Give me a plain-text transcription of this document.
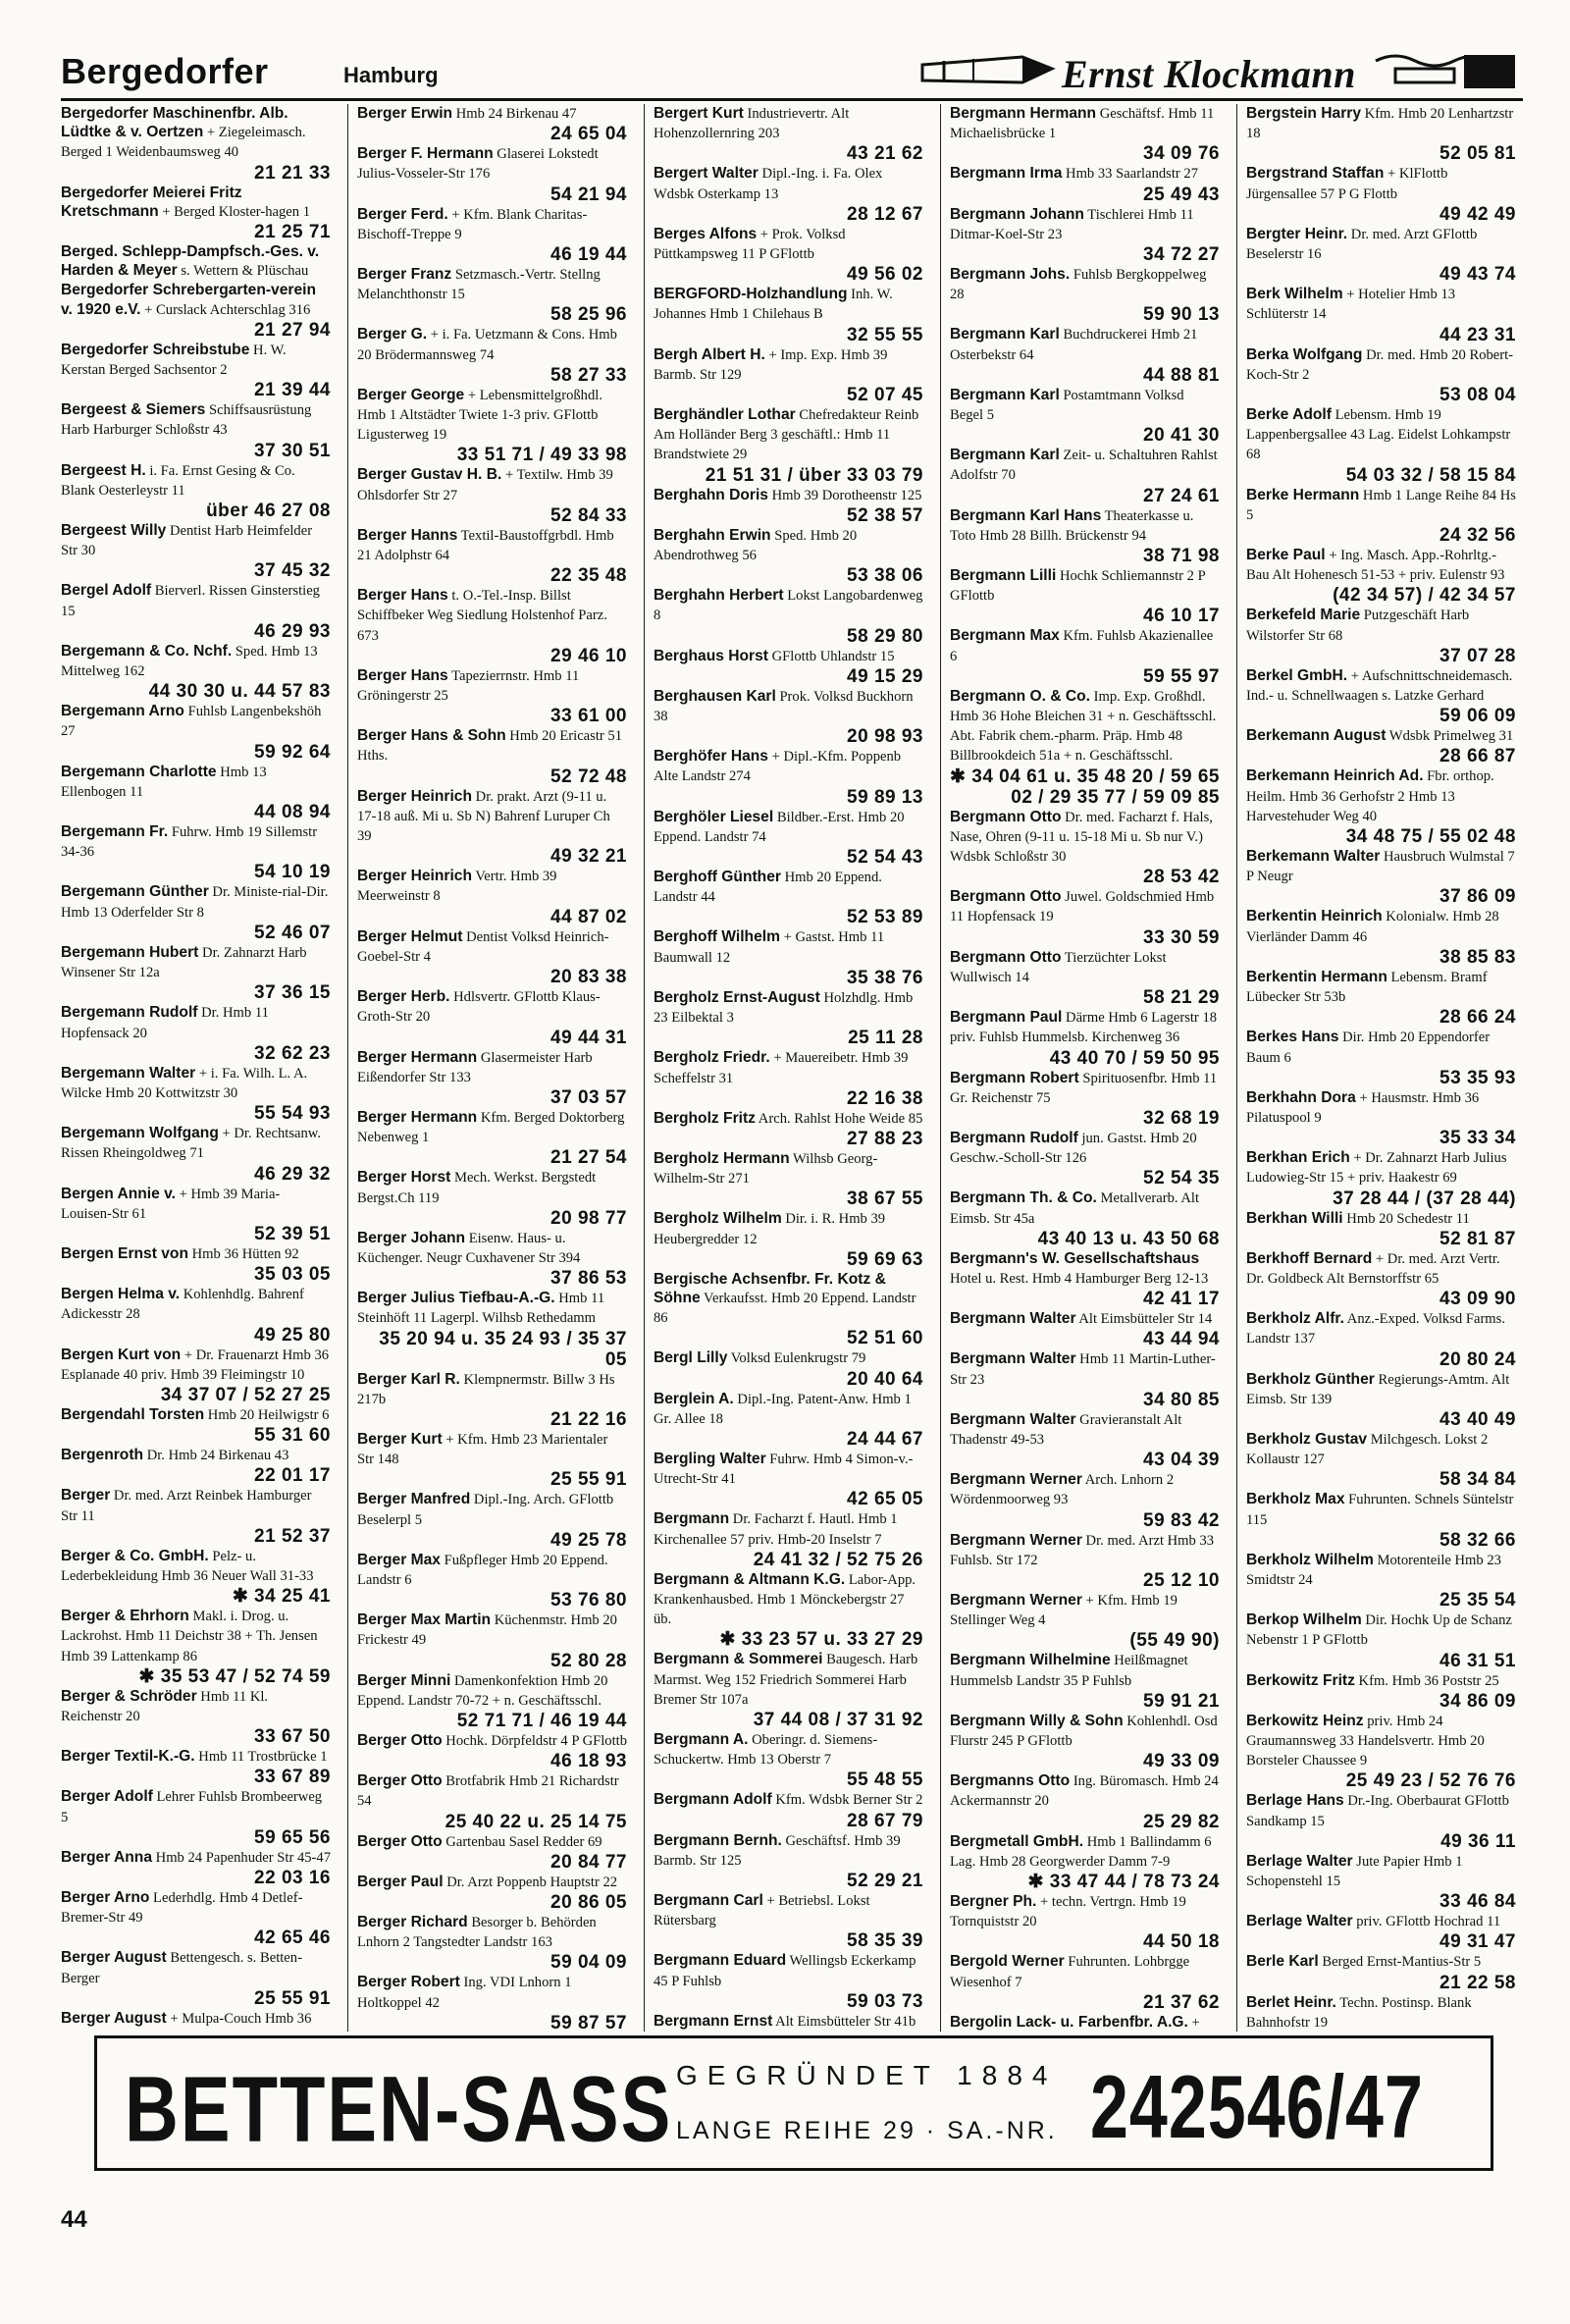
Bergedorfer	Hamburg	Ernst Klockmann

Bergedorfer Maschinenfbr. Alb. Lüdtke & v. Oertzen + Ziegeleimasch. Berged 1 Weidenbaumsweg 40
21 21 33

Bergedorfer Meierei Fritz Kretschmann + Berged Kloster-hagen 1
21 25 71

Berged. Schlepp-Dampfsch.-Ges. v. Harden & Meyer s. Wettern & Plüschau

Bergedorfer Schrebergarten-verein v. 1920 e.V. + Curslack Achterschlag 316
21 27 94

Bergedorfer Schreibstube H. W. Kerstan Berged Sachsentor 2
21 39 44

Bergeest & Siemers Schiffsausrüstung Harb Harburger Schloßstr 43
37 30 51

Bergeest H. i. Fa. Ernst Gesing & Co. Blank Oesterleystr 11
über 46 27 08

Bergeest Willy Dentist Harb Heimfelder Str 30
37 45 32

Bergel Adolf Bierverl. Rissen Ginsterstieg 15
46 29 93

Bergemann & Co. Nchf. Sped. Hmb 13 Mittelweg 162
44 30 30 u. 44 57 83

Bergemann Arno Fuhlsb Langenbekshöh 27
59 92 64

Bergemann Charlotte Hmb 13 Ellenbogen 11
44 08 94

Bergemann Fr. Fuhrw. Hmb 19 Sillemstr 34-36
54 10 19

Bergemann Günther Dr. Ministe-rial-Dir. Hmb 13 Oderfelder Str 8
52 46 07

Bergemann Hubert Dr. Zahnarzt Harb Winsener Str 12a
37 36 15

Bergemann Rudolf Dr. Hmb 11 Hopfensack 20
32 62 23

Bergemann Walter + i. Fa. Wilh. L. A. Wilcke Hmb 20 Kottwitzstr 30
55 54 93

Bergemann Wolfgang + Dr. Rechtsanw. Rissen Rheingoldweg 71
46 29 32

Bergen Annie v. + Hmb 39 Maria-Louisen-Str 61
52 39 51

Bergen Ernst von Hmb 36 Hütten 92
35 03 05

Bergen Helma v. Kohlenhdlg. Bahrenf Adickesstr 28
49 25 80

Bergen Kurt von + Dr. Frauenarzt Hmb 36 Esplanade 40 priv. Hmb 39 Fleimingstr 10
34 37 07 / 52 27 25

Bergendahl Torsten Hmb 20 Heilwigstr 6
55 31 60

Bergenroth Dr. Hmb 24 Birkenau 43
22 01 17

Berger Dr. med. Arzt Reinbek Hamburger Str 11
21 52 37

Berger & Co. GmbH. Pelz- u. Lederbekleidung Hmb 36 Neuer Wall 31-33
✱ 34 25 41

Berger & Ehrhorn Makl. i. Drog. u. Lackrohst. Hmb 11 Deichstr 38 + Th. Jensen Hmb 39 Lattenkamp 86
✱ 35 53 47 / 52 74 59

Berger & Schröder Hmb 11 Kl. Reichenstr 20
33 67 50

Berger Textil-K.-G. Hmb 11 Trostbrücke 1
33 67 89

Berger Adolf Lehrer Fuhlsb Brombeerweg 5
59 65 56

Berger Anna Hmb 24 Papenhuder Str 45-47
22 03 16

Berger Arno Lederhdlg. Hmb 4 Detlef-Bremer-Str 49
42 65 46

Berger August Bettengesch. s. Betten-Berger
25 55 91

Berger August + Mulpa-Couch Hmb 36

Berger Erwin Hmb 24 Birkenau 47
24 65 04

Berger F. Hermann Glaserei Lokstedt Julius-Vosseler-Str 176
54 21 94

Berger Ferd. + Kfm. Blank Charitas-Bischoff-Treppe 9
46 19 44

Berger Franz Setzmasch.-Vertr. Stellng Melanchthonstr 15
58 25 96

Berger G. + i. Fa. Uetzmann & Cons. Hmb 20 Brödermannsweg 74
58 27 33

Berger George + Lebensmittelgroßhdl. Hmb 1 Altstädter Twiete 1-3 priv. GFlottb Ligusterweg 19
33 51 71 / 49 33 98

Berger Gustav H. B. + Textilw. Hmb 39 Ohlsdorfer Str 27
52 84 33

Berger Hanns Textil-Baustoffgrbdl. Hmb 21 Adolphstr 64
22 35 48

Berger Hans t. O.-Tel.-Insp. Billst Schiffbeker Weg Siedlung Holstenhof Parz. 673
29 46 10

Berger Hans Tapezierrnstr. Hmb 11 Gröningerstr 25
33 61 00

Berger Hans & Sohn Hmb 20 Ericastr 51 Hths.
52 72 48

Berger Heinrich Dr. prakt. Arzt (9-11 u. 17-18 auß. Mi u. Sb N) Bahrenf Luruper Ch 39
49 32 21

Berger Heinrich Vertr. Hmb 39 Meerweinstr 8
44 87 02

Berger Helmut Dentist Volksd Heinrich-Goebel-Str 4
20 83 38

Berger Herb. Hdlsvertr. GFlottb Klaus-Groth-Str 20
49 44 31

Berger Hermann Glasermeister Harb Eißendorfer Str 133
37 03 57

Berger Hermann Kfm. Berged Doktorberg Nebenweg 1
21 27 54

Berger Horst Mech. Werkst. Bergstedt Bergst.Ch 119
20 98 77

Berger Johann Eisenw. Haus- u. Küchenger. Neugr Cuxhavener Str 394
37 86 53

Berger Julius Tiefbau-A.-G. Hmb 11 Steinhöft 11 Lagerpl. Wilhsb Rethedamm
35 20 94 u. 35 24 93 / 35 37 05

Berger Karl R. Klempnermstr. Billw 3 Hs 217b
21 22 16

Berger Kurt + Kfm. Hmb 23 Marientaler Str 148
25 55 91

Berger Manfred Dipl.-Ing. Arch. GFlottb Beselerpl 5
49 25 78

Berger Max Fußpfleger Hmb 20 Eppend. Landstr 6
53 76 80

Berger Max Martin Küchenmstr. Hmb 20 Frickestr 49
52 80 28

Berger Minni Damenkonfektion Hmb 20 Eppend. Landstr 70-72 + n. Geschäftsschl.
52 71 71 / 46 19 44

Berger Otto Hochk. Dörpfeldstr 4 P GFlottb
46 18 93

Berger Otto Brotfabrik Hmb 21 Richardstr 54
25 40 22 u. 25 14 75

Berger Otto Gartenbau Sasel Redder 69
20 84 77

Berger Paul Dr. Arzt Poppenb Hauptstr 22
20 86 05

Berger Richard Besorger b. Behörden Lnhorn 2 Tangstedter Landstr 163
59 04 09

Berger Robert Ing. VDI Lnhorn 1 Holtkoppel 42
59 87 57

Bergert Kurt Industrievertr. Alt Hohenzollernring 203
43 21 62

Bergert Walter Dipl.-Ing. i. Fa. Olex Wdsbk Osterkamp 13
28 12 67

Berges Alfons + Prok. Volksd Püttkampsweg 11 P GFlottb
49 56 02

BERGFORD-Holzhandlung Inh. W. Johannes Hmb 1 Chilehaus B
32 55 55

Bergh Albert H. + Imp. Exp. Hmb 39 Barmb. Str 129
52 07 45

Berghändler Lothar Chefredakteur Reinb Am Holländer Berg 3 geschäftl.: Hmb 11 Brandstwiete 29
21 51 31 / über 33 03 79

Berghahn Doris Hmb 39 Dorotheenstr 125
52 38 57

Berghahn Erwin Sped. Hmb 20 Abendrothweg 56
53 38 06

Berghahn Herbert Lokst Langobardenweg 8
58 29 80

Berghaus Horst GFlottb Uhlandstr 15
49 15 29

Berghausen Karl Prok. Volksd Buckhorn 38
20 98 93

Berghöfer Hans + Dipl.-Kfm. Poppenb Alte Landstr 274
59 89 13

Berghöler Liesel Bildber.-Erst. Hmb 20 Eppend. Landstr 74
52 54 43

Berghoff Günther Hmb 20 Eppend. Landstr 44
52 53 89

Berghoff Wilhelm + Gastst. Hmb 11 Baumwall 12
35 38 76

Bergholz Ernst-August Holzhdlg. Hmb 23 Eilbektal 3
25 11 28

Bergholz Friedr. + Mauereibetr. Hmb 39 Scheffelstr 31
22 16 38

Bergholz Fritz Arch. Rahlst Hohe Weide 85
27 88 23

Bergholz Hermann Wilhsb Georg-Wilhelm-Str 271
38 67 55

Bergholz Wilhelm Dir. i. R. Hmb 39 Heubergredder 12
59 69 63

Bergische Achsenfbr. Fr. Kotz & Söhne Verkaufsst. Hmb 20 Eppend. Landstr 86
52 51 60

Bergl Lilly Volksd Eulenkrugstr 79
20 40 64

Berglein A. Dipl.-Ing. Patent-Anw. Hmb 1 Gr. Allee 18
24 44 67

Bergling Walter Fuhrw. Hmb 4 Simon-v.-Utrecht-Str 41
42 65 05

Bergmann Dr. Facharzt f. Hautl. Hmb 1 Kirchenallee 57 priv. Hmb-20 Inselstr 7
24 41 32 / 52 75 26

Bergmann & Altmann K.G. Labor-App. Krankenhausbed. Hmb 1 Mönckebergstr 27 üb.
✱ 33 23 57 u. 33 27 29

Bergmann & Sommerei Baugesch. Harb Marmst. Weg 152 Friedrich Sommerei Harb Bremer Str 107a
37 44 08 / 37 31 92

Bergmann A. Oberingr. d. Siemens-Schuckertw. Hmb 13 Oberstr 7
55 48 55

Bergmann Adolf Kfm. Wdsbk Berner Str 2
28 67 79

Bergmann Bernh. Geschäftsf. Hmb 39 Barmb. Str 125
52 29 21

Bergmann Carl + Betriebsl. Lokst Rütersbarg
58 35 39

Bergmann Eduard Wellingsb Eckerkamp 45 P Fuhlsb
59 03 73

Bergmann Ernst Alt Eimsbütteler Str 41b

Bergmann Hermann Geschäftsf. Hmb 11 Michaelisbrücke 1
34 09 76

Bergmann Irma Hmb 33 Saarlandstr 27
25 49 43

Bergmann Johann Tischlerei Hmb 11 Ditmar-Koel-Str 23
34 72 27

Bergmann Johs. Fuhlsb Bergkoppelweg 28
59 90 13

Bergmann Karl Buchdruckerei Hmb 21 Osterbekstr 64
44 88 81

Bergmann Karl Postamtmann Volksd Begel 5
20 41 30

Bergmann Karl Zeit- u. Schaltuhren Rahlst Adolfstr 70
27 24 61

Bergmann Karl Hans Theaterkasse u. Toto Hmb 28 Billh. Brückenstr 94
38 71 98

Bergmann Lilli Hochk Schliemannstr 2 P GFlottb
46 10 17

Bergmann Max Kfm. Fuhlsb Akazienallee 6
59 55 97

Bergmann O. & Co. Imp. Exp. Großhdl. Hmb 36 Hohe Bleichen 31 + n. Geschäftsschl. Abt. Fabrik chem.-pharm. Präp. Hmb 48 Billbrookdeich 51a + n. Geschäftsschl.
✱ 34 04 61 u. 35 48 20 / 59 65 02 / 29 35 77 / 59 09 85

Bergmann Otto Dr. med. Facharzt f. Hals, Nase, Ohren (9-11 u. 15-18 Mi u. Sb nur V.) Wdsbk Schloßstr 30
28 53 42

Bergmann Otto Juwel. Goldschmied Hmb 11 Hopfensack 19
33 30 59

Bergmann Otto Tierzüchter Lokst Wullwisch 14
58 21 29

Bergmann Paul Därme Hmb 6 Lagerstr 18 priv. Fuhlsb Hummelsb. Kirchenweg 36
43 40 70 / 59 50 95

Bergmann Robert Spirituosenfbr. Hmb 11 Gr. Reichenstr 75
32 68 19

Bergmann Rudolf jun. Gastst. Hmb 20 Geschw.-Scholl-Str 126
52 54 35

Bergmann Th. & Co. Metallverarb. Alt Eimsb. Str 45a
43 40 13 u. 43 50 68

Bergmann's W. Gesellschaftshaus Hotel u. Rest. Hmb 4 Hamburger Berg 12-13
42 41 17

Bergmann Walter Alt Eimsbütteler Str 14
43 44 94

Bergmann Walter Hmb 11 Martin-Luther-Str 23
34 80 85

Bergmann Walter Gravieranstalt Alt Thadenstr 49-53
43 04 39

Bergmann Werner Arch. Lnhorn 2 Wördenmoorweg 93
59 83 42

Bergmann Werner Dr. med. Arzt Hmb 33 Fuhlsb. Str 172
25 12 10

Bergmann Werner + Kfm. Hmb 19 Stellinger Weg 4
(55 49 90)

Bergmann Wilhelmine Heilßmagnet Hummelsb Landstr 35 P Fuhlsb
59 91 21

Bergmann Willy & Sohn Kohlenhdl. Osd Flurstr 245 P GFlottb
49 33 09

Bergmanns Otto Ing. Büromasch. Hmb 24 Ackermannstr 20
25 29 82

Bergmetall GmbH. Hmb 1 Ballindamm 6 Lag. Hmb 28 Georgwerder Damm 7-9
✱ 33 47 44 / 78 73 24

Bergner Ph. + techn. Vertrgn. Hmb 19 Tornquiststr 20
44 50 18

Bergold Werner Fuhrunten. Lohbrgge Wiesenhof 7
21 37 62

Bergolin Lack- u. Farbenfbr. A.G. +

Bergstein Harry Kfm. Hmb 20 Lenhartzstr 18
52 05 81

Bergstrand Staffan + KlFlottb Jürgensallee 57 P G Flottb
49 42 49

Bergter Heinr. Dr. med. Arzt GFlottb Beselerstr 16
49 43 74

Berk Wilhelm + Hotelier Hmb 13 Schlüterstr 14
44 23 31

Berka Wolfgang Dr. med. Hmb 20 Robert-Koch-Str 2
53 08 04

Berke Adolf Lebensm. Hmb 19 Lappenbergsallee 43 Lag. Eidelst Lohkampstr 68
54 03 32 / 58 15 84

Berke Hermann Hmb 1 Lange Reihe 84 Hs 5
24 32 56

Berke Paul + Ing. Masch. App.-Rohrltg.-Bau Alt Hohenesch 51-53 + priv. Eulenstr 93
(42 34 57) / 42 34 57

Berkefeld Marie Putzgeschäft Harb Wilstorfer Str 68
37 07 28

Berkel GmbH. + Aufschnittschneidemasch. Ind.- u. Schnellwaagen s. Latzke Gerhard
59 06 09

Berkemann August Wdsbk Primelweg 31
28 66 87

Berkemann Heinrich Ad. Fbr. orthop. Heilm. Hmb 36 Gerhofstr 2 Hmb 13 Harvestehuder Weg 40
34 48 75 / 55 02 48

Berkemann Walter Hausbruch Wulmstal 7 P Neugr
37 86 09

Berkentin Heinrich Kolonialw. Hmb 28 Vierländer Damm 46
38 85 83

Berkentin Hermann Lebensm. Bramf Lübecker Str 53b
28 66 24

Berkes Hans Dir. Hmb 20 Eppendorfer Baum 6
53 35 93

Berkhahn Dora + Hausmstr. Hmb 36 Pilatuspool 9
35 33 34

Berkhan Erich + Dr. Zahnarzt Harb Julius Ludowieg-Str 15 + priv. Haakestr 69
37 28 44 / (37 28 44)

Berkhan Willi Hmb 20 Schedestr 11
52 81 87

Berkhoff Bernard + Dr. med. Arzt Vertr. Dr. Goldbeck Alt Bernstorffstr 65
43 09 90

Berkholz Alfr. Anz.-Exped. Volksd Farms. Landstr 137
20 80 24

Berkholz Günther Regierungs-Amtm. Alt Eimsb. Str 139
43 40 49

Berkholz Gustav Milchgesch. Lokst 2 Kollaustr 127
58 34 84

Berkholz Max Fuhrunten. Schnels Süntelstr 115
58 32 66

Berkholz Wilhelm Motorenteile Hmb 23 Smidtstr 24
25 35 54

Berkop Wilhelm Dir. Hochk Up de Schanz Nebenstr 1 P GFlottb
46 31 51

Berkowitz Fritz Kfm. Hmb 36 Poststr 25
34 86 09

Berkowitz Heinz priv. Hmb 24 Graumannsweg 33 Handelsvertr. Hmb 20 Borsteler Chaussee 9
25 49 23 / 52 76 76

Berlage Hans Dr.-Ing. Oberbaurat GFlottb Sandkamp 15
49 36 11

Berlage Walter Jute Papier Hmb 1 Schopenstehl 15
33 46 84

Berlage Walter priv. GFlottb Hochrad 11
49 31 47

Berle Karl Berged Ernst-Mantius-Str 5
21 22 58

Berlet Heinr. Techn. Postinsp. Blank Bahnhofstr 19

BETTEN-SASS GEGRÜNDET 1884
LANGE REIHE 29 · SA.-NR. 242546/47
44
